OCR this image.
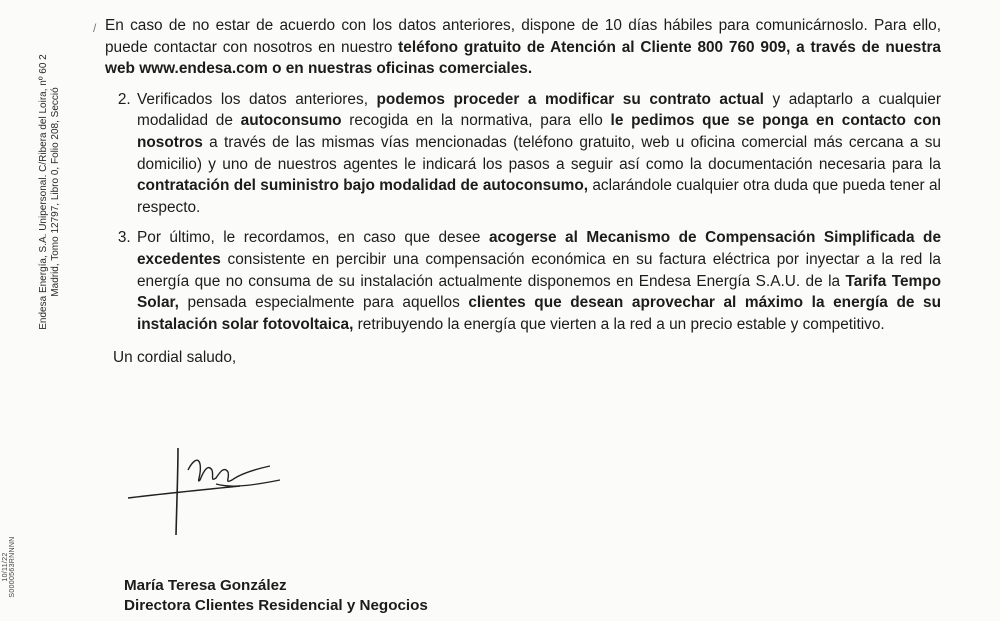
Endesa Energía, S.A. Unipersonal. C/Ribera del Loira, nº 60 2 Madrid, Tomo 12797, Libro 0, Folio 208, Secció
10/11/22 S0000563RNNNN

/ En caso de no estar de acuerdo con los datos anteriores, dispone de 10 días hábiles para comunicárnoslo. Para ello, puede contactar con nosotros en nuestro teléfono gratuito de Atención al Cliente 800 760 909, a través de nuestra web www.endesa.com o en nuestras oficinas comerciales.

2. Verificados los datos anteriores, podemos proceder a modificar su contrato actual y adaptarlo a cualquier modalidad de autoconsumo recogida en la normativa, para ello le pedimos que se ponga en contacto con nosotros a través de las mismas vías mencionadas (teléfono gratuito, web u oficina comercial más cercana a su domicilio) y uno de nuestros agentes le indicará los pasos a seguir así como la documentación necesaria para la contratación del suministro bajo modalidad de autoconsumo, aclarándole cualquier otra duda que pueda tener al respecto.
3. Por último, le recordamos, en caso que desee acogerse al Mecanismo de Compensación Simplificada de excedentes consistente en percibir una compensación económica en su factura eléctrica por inyectar a la red la energía que no consuma de su instalación actualmente disponemos en Endesa Energía S.A.U. de la Tarifa Tempo Solar, pensada especialmente para aquellos clientes que desean aprovechar al máximo la energía de su instalación solar fotovoltaica, retribuyendo la energía que vierten a la red a un precio estable y competitivo.

Un cordial saludo,

María Teresa González
Directora Clientes Residencial y Negocios
